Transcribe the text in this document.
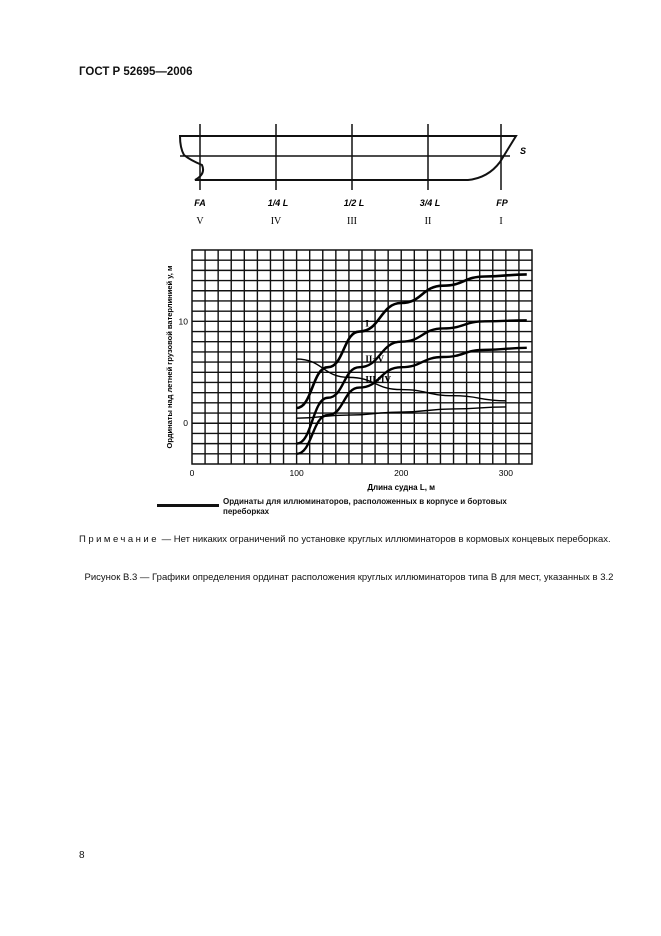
ГОСТ Р 52695—2006
S
FA	1/4 L	1/2 L	3/4 L	FP
V	IV	III	II	I
I
II+V
III+IV
0	100	200	300
0
10
Длина судна L, м
Ординаты над летней грузовой ватерлинией y, м
Ординаты для иллюминаторов, расположенных в корпусе и бортовых переборках
Примечание — Нет никаких ограничений по установке круглых иллюминаторов в кормовых концевых переборках.
Рисунок В.3 — Графики определения ординат расположения круглых иллюминаторов типа В для мест, указанных в 3.2
8
